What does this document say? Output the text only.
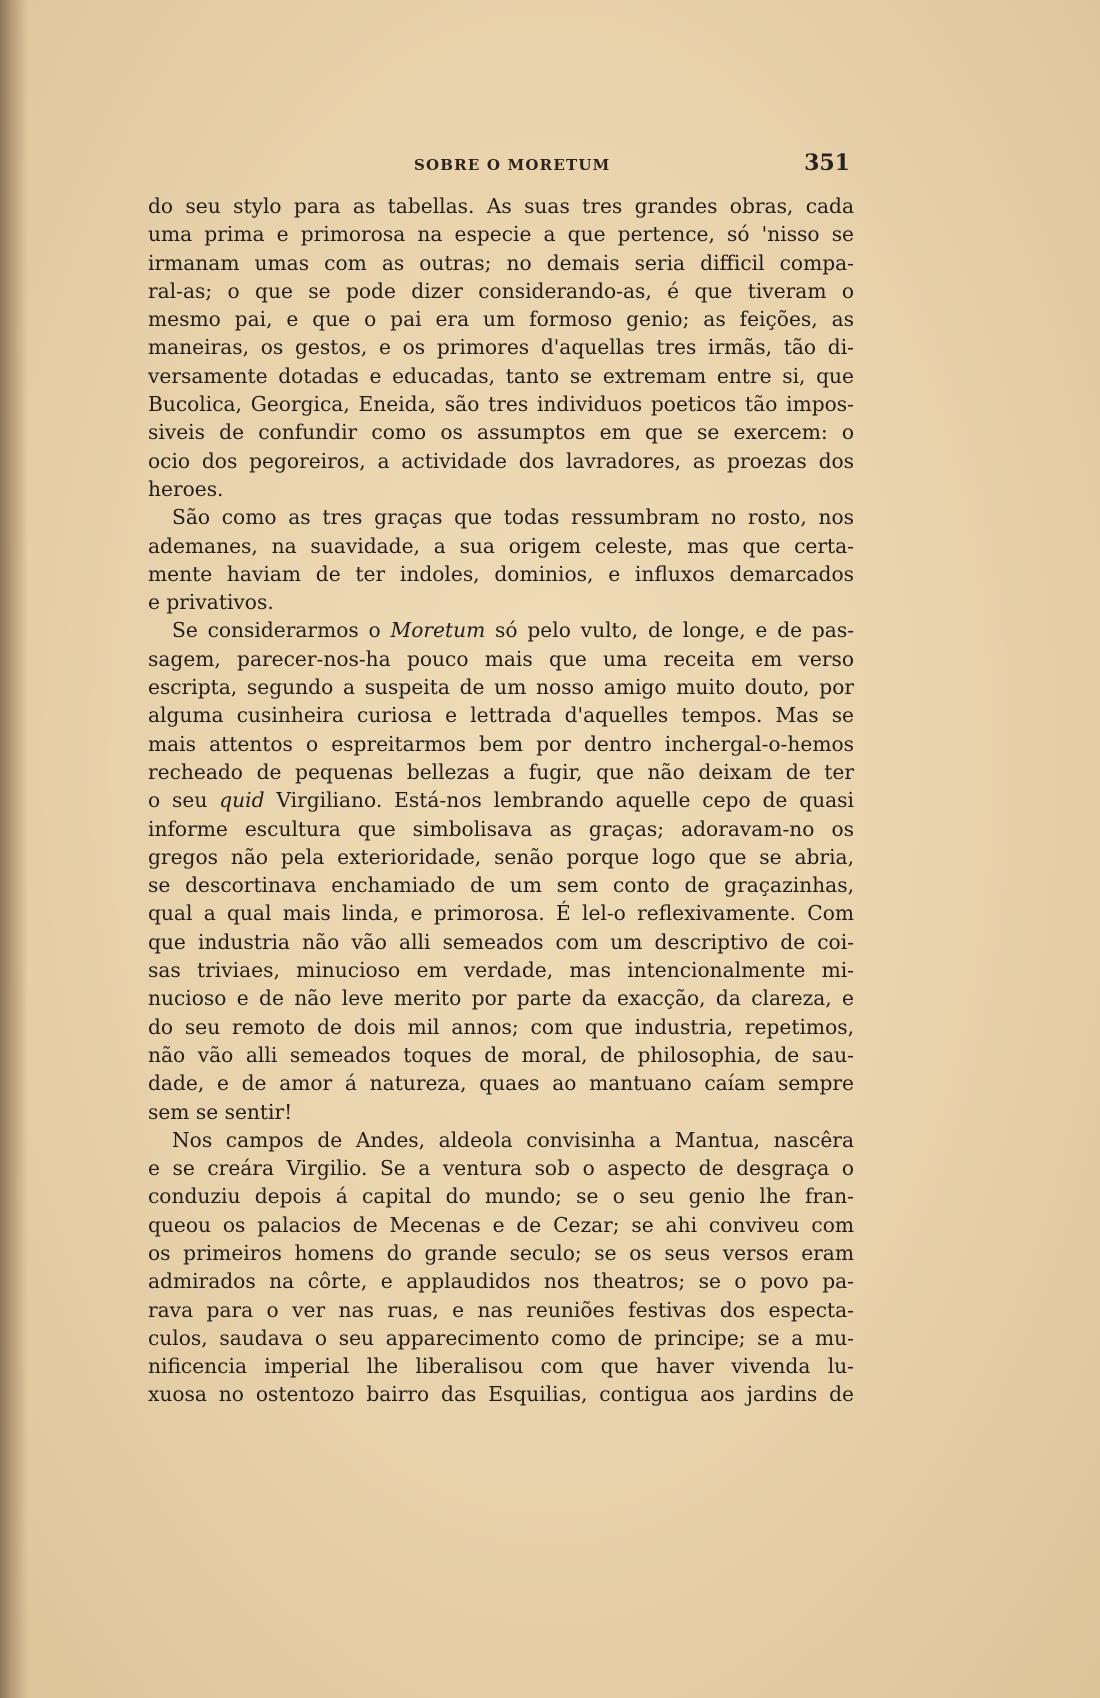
SOBRE O MORETUM	351
do seu stylo para as tabellas. As suas tres grandes obras, cada
uma prima e primorosa na especie a que pertence, só 'nisso se
irmanam umas com as outras; no demais seria difficil compa-
ral-as; o que se pode dizer considerando-as, é que tiveram o
mesmo pai, e que o pai era um formoso genio; as feições, as
maneiras, os gestos, e os primores d'aquellas tres irmãs, tão di-
versamente dotadas e educadas, tanto se extremam entre si, que
Bucolica, Georgica, Eneida, são tres individuos poeticos tão impos-
siveis de confundir como os assumptos em que se exercem: o
ocio dos pegoreiros, a actividade dos lavradores, as proezas dos
heroes.
São como as tres graças que todas ressumbram no rosto, nos
ademanes, na suavidade, a sua origem celeste, mas que certa-
mente haviam de ter indoles, dominios, e influxos demarcados
e privativos.
Se considerarmos o Moretum só pelo vulto, de longe, e de pas-
sagem, parecer-nos-ha pouco mais que uma receita em verso
escripta, segundo a suspeita de um nosso amigo muito douto, por
alguma cusinheira curiosa e lettrada d'aquelles tempos. Mas se
mais attentos o espreitarmos bem por dentro inchergal-o-hemos
recheado de pequenas bellezas a fugir, que não deixam de ter
o seu quid Virgiliano. Está-nos lembrando aquelle cepo de quasi
informe escultura que simbolisava as graças; adoravam-no os
gregos não pela exterioridade, senão porque logo que se abria,
se descortinava enchamiado de um sem conto de graçazinhas,
qual a qual mais linda, e primorosa. É lel-o reflexivamente. Com
que industria não vão alli semeados com um descriptivo de coi-
sas triviaes, minucioso em verdade, mas intencionalmente mi-
nucioso e de não leve merito por parte da exacção, da clareza, e
do seu remoto de dois mil annos; com que industria, repetimos,
não vão alli semeados toques de moral, de philosophia, de sau-
dade, e de amor á natureza, quaes ao mantuano caíam sempre
sem se sentir!
Nos campos de Andes, aldeola convisinha a Mantua, nascêra
e se creára Virgilio. Se a ventura sob o aspecto de desgraça o
conduziu depois á capital do mundo; se o seu genio lhe fran-
queou os palacios de Mecenas e de Cezar; se ahi conviveu com
os primeiros homens do grande seculo; se os seus versos eram
admirados na côrte, e applaudidos nos theatros; se o povo pa-
rava para o ver nas ruas, e nas reuniões festivas dos especta-
culos, saudava o seu apparecimento como de principe; se a mu-
nificencia imperial lhe liberalisou com que haver vivenda lu-
xuosa no ostentozo bairro das Esquilias, contigua aos jardins de
